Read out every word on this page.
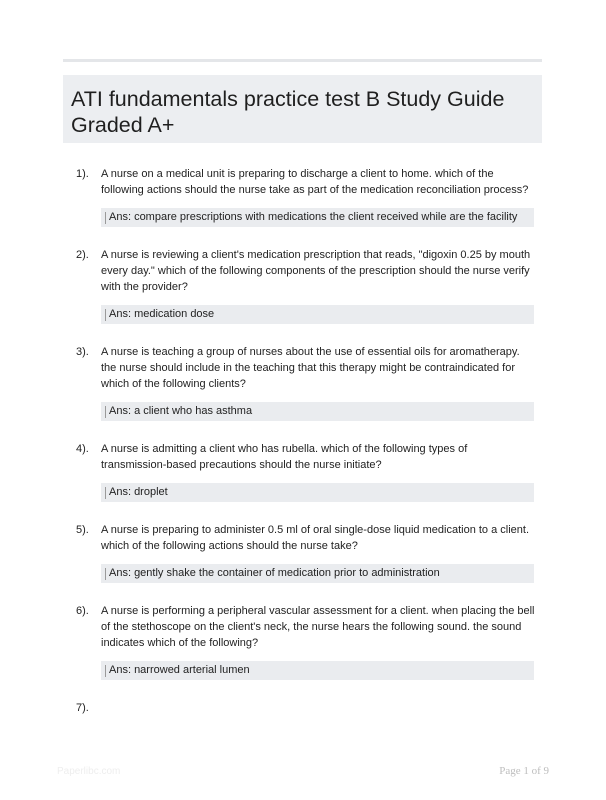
ATI fundamentals practice test B Study Guide Graded A+
1). A nurse on a medical unit is preparing to discharge a client to home. which of the following actions should the nurse take as part of the medication reconciliation process?
Ans: compare prescriptions with medications the client received while are the facility
2). A nurse is reviewing a client's medication prescription that reads, "digoxin 0.25 by mouth every day." which of the following components of the prescription should the nurse verify with the provider?
Ans: medication dose
3). A nurse is teaching a group of nurses about the use of essential oils for aromatherapy. the nurse should include in the teaching that this therapy might be contraindicated for which of the following clients?
Ans: a client who has asthma
4). A nurse is admitting a client who has rubella. which of the following types of transmission-based precautions should the nurse initiate?
Ans: droplet
5). A nurse is preparing to administer 0.5 ml of oral single-dose liquid medication to a client. which of the following actions should the nurse take?
Ans: gently shake the container of medication prior to administration
6). A nurse is performing a peripheral vascular assessment for a client. when placing the bell of the stethoscope on the client's neck, the nurse hears the following sound. the sound indicates which of the following?
Ans: narrowed arterial lumen
7).

Paperlibc.com	Page 1 of 9
